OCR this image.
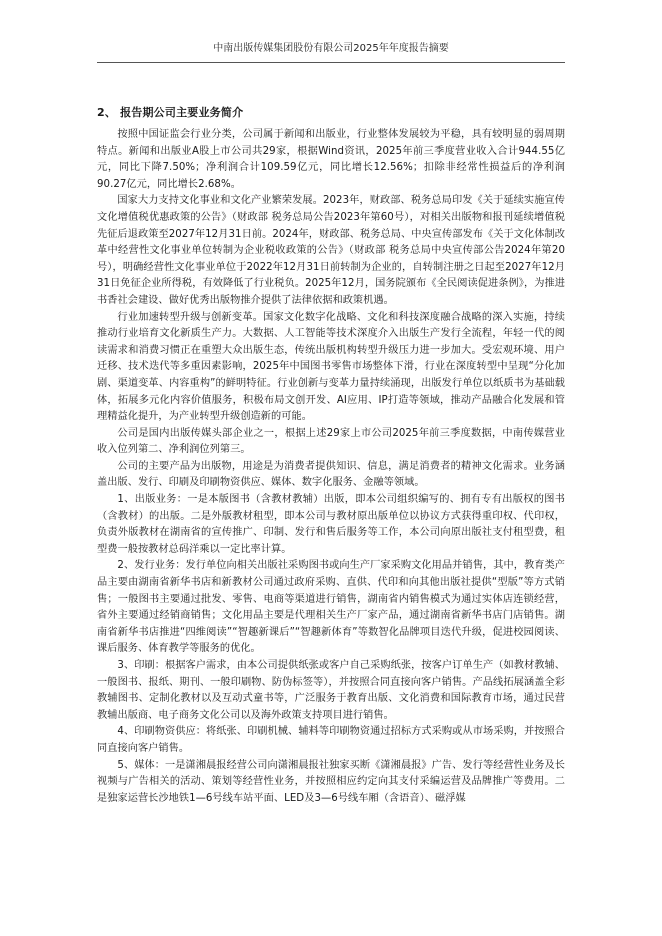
中南出版传媒集团股份有限公司2025年年度报告摘要
2、 报告期公司主要业务简介

按照中国证监会行业分类，公司属于新闻和出版业，行业整体发展较为平稳，具有较明显的弱周期特点。新闻和出版业A股上市公司共29家，根据Wind资讯，2025年前三季度营业收入合计944.55亿元，同比下降7.50%；净利润合计109.59亿元，同比增长12.56%；扣除非经常性损益后的净利润90.27亿元，同比增长2.68%。

国家大力支持文化事业和文化产业繁荣发展。2023年，财政部、税务总局印发《关于延续实施宣传文化增值税优惠政策的公告》（财政部 税务总局公告2023年第60号），对相关出版物和报刊延续增值税先征后退政策至2027年12月31日前。2024年，财政部、税务总局、中央宣传部发布《关于文化体制改革中经营性文化事业单位转制为企业税收政策的公告》（财政部 税务总局中央宣传部公告2024年第20号），明确经营性文化事业单位于2022年12月31日前转制为企业的，自转制注册之日起至2027年12月31日免征企业所得税，有效降低了行业税负。2025年12月，国务院颁布《全民阅读促进条例》，为推进书香社会建设、做好优秀出版物推介提供了法律依据和政策机遇。

行业加速转型升级与创新变革。国家文化数字化战略、文化和科技深度融合战略的深入实施，持续推动行业培育文化新质生产力。大数据、人工智能等技术深度介入出版生产发行全流程，年轻一代的阅读需求和消费习惯正在重塑大众出版生态，传统出版机构转型升级压力进一步加大。受宏观环境、用户迁移、技术迭代等多重因素影响，2025年中国图书零售市场整体下滑，行业在深度转型中呈现“分化加剧、渠道变革、内容重构”的鲜明特征。行业创新与变革力量持续涌现，出版发行单位以纸质书为基础载体，拓展多元化内容价值服务，积极布局文创开发、AI应用、IP打造等领域，推动产品融合化发展和管理精益化提升，为产业转型升级创造新的可能。

公司是国内出版传媒头部企业之一，根据上述29家上市公司2025年前三季度数据，中南传媒营业收入位列第二、净利润位列第三。

公司的主要产品为出版物，用途是为消费者提供知识、信息，满足消费者的精神文化需求。业务涵盖出版、发行、印刷及印刷物资供应、媒体、数字化服务、金融等领域。

1、出版业务：一是本版图书（含教材教辅）出版，即本公司组织编写的、拥有专有出版权的图书（含教材）的出版。二是外版教材租型，即本公司与教材原出版单位以协议方式获得重印权、代印权，负责外版教材在湖南省的宣传推广、印制、发行和售后服务等工作，本公司向原出版社支付租型费，租型费一般按教材总码洋乘以一定比率计算。

2、发行业务：发行单位向相关出版社采购图书或向生产厂家采购文化用品并销售，其中，教育类产品主要由湖南省新华书店和新教材公司通过政府采购、直供、代印和向其他出版社提供“型版”等方式销售；一般图书主要通过批发、零售、电商等渠道进行销售，湖南省内销售模式为通过实体店连锁经营，省外主要通过经销商销售；文化用品主要是代理相关生产厂家产品，通过湖南省新华书店门店销售。湖南省新华书店推进“四维阅读”“智趣新课后”“智趣新体育”等数智化品牌项目迭代升级，促进校园阅读、课后服务、体育教学等服务的优化。

3、印刷：根据客户需求，由本公司提供纸张或客户自己采购纸张，按客户订单生产（如教材教辅、一般图书、报纸、期刊、一般印刷物、防伪标签等），并按照合同直接向客户销售。产品线拓展涵盖全彩教辅图书、定制化教材以及互动式童书等，广泛服务于教育出版、文化消费和国际教育市场，通过民营教辅出版商、电子商务文化公司以及海外政策支持项目进行销售。

4、印刷物资供应：将纸张、印刷机械、辅料等印刷物资通过招标方式采购或从市场采购，并按照合同直接向客户销售。

5、媒体：一是潇湘晨报经营公司向潇湘晨报社独家买断《潇湘晨报》广告、发行等经营性业务及长视频与广告相关的活动、策划等经营性业务，并按照相应约定向其支付采编运营及品牌推广等费用。二是独家运营长沙地铁1—6号线车站平面、LED及3—6号线车厢（含语音）、磁浮媒
